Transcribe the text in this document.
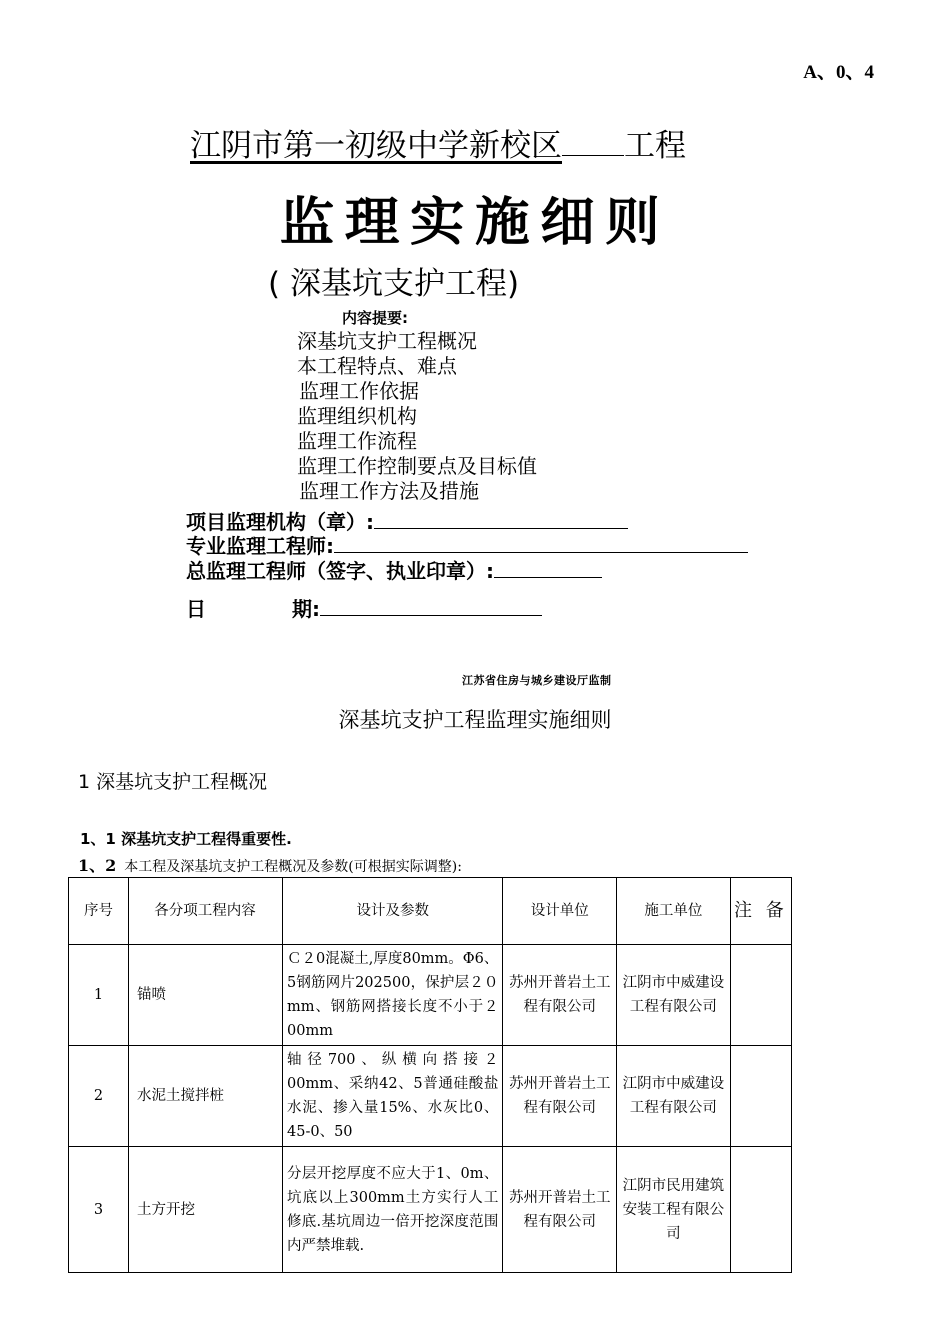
A、0、4
江阴市第一初级中学新校区 工程
监理实施细则
( 深基坑支护工程)
内容提要:
深基坑支护工程概况
本工程特点、难点
监理工作依据
监理组织机构
监理工作流程
监理工作控制要点及目标值
监理工作方法及措施
项目监理机构（章）:
专业监理工程师:
总监理工程师（签字、执业印章）:
日	期:
江苏省住房与城乡建设厅监制
深基坑支护工程监理实施细则
1 深基坑支护工程概况
1、1 深基坑支护工程得重要性.
1、2 本工程及深基坑支护工程概况及参数(可根据实际调整):
序号	各分项工程内容	设计及参数	设计单位	施工单位	注 备
1	锚喷	Ｃ２0混凝土,厚度80mm。Φ6、 5钢筋网片202500，保护层２０mm、钢筋网搭接长度不小于２00mm	苏州开普岩土工程有限公司	江阴市中威建设工程有限公司	
2	水泥土搅拌桩	轴径700、纵横向搭接２00mm、采纳42、5普通硅酸盐水泥、掺入量15%、水灰比0、45-0、50	苏州开普岩土工程有限公司	江阴市中威建设工程有限公司	
3	土方开挖	分层开挖厚度不应大于1、0m、坑底以上300mm土方实行人工修底.基坑周边一倍开挖深度范围内严禁堆载.	苏州开普岩土工程有限公司	江阴市民用建筑安装工程有限公司	
